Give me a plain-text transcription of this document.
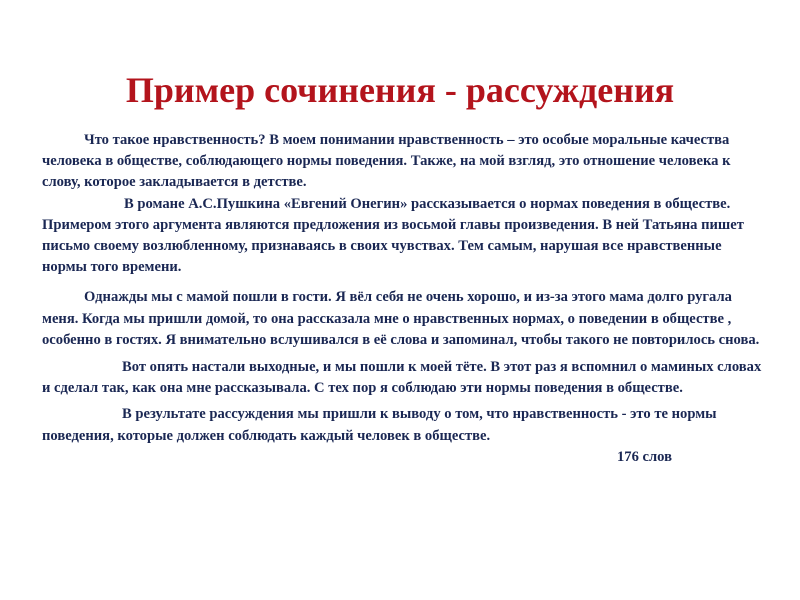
Пример сочинения - рассуждения

Что такое нравственность? В моем понимании нравственность – это особые моральные качества человека в обществе, соблюдающего нормы поведения. Также, на мой взгляд, это отношение человека к слову, которое закладывается в детстве.

В романе А.С.Пушкина «Евгений Онегин» рассказывается о нормах поведения в обществе. Примером этого аргумента являются предложения из восьмой главы произведения. В ней Татьяна пишет письмо своему возлюбленному, признаваясь в своих чувствах. Тем самым, нарушая все нравственные нормы того времени.

Однажды мы с мамой пошли в гости. Я вёл себя не очень хорошо, и из-за этого мама долго ругала меня. Когда мы пришли домой, то она рассказала мне о нравственных нормах, о поведении в обществе , особенно в гостях. Я внимательно вслушивался в её слова и запоминал, чтобы такого не повторилось снова.

Вот опять настали выходные, и мы пошли к моей тёте. В этот раз я вспомнил о маминых словах и сделал так, как она мне рассказывала. С тех пор я соблюдаю эти нормы поведения в обществе.

В результате рассуждения мы пришли к выводу о том, что нравственность - это те нормы поведения, которые должен соблюдать каждый человек в обществе.

176 слов
